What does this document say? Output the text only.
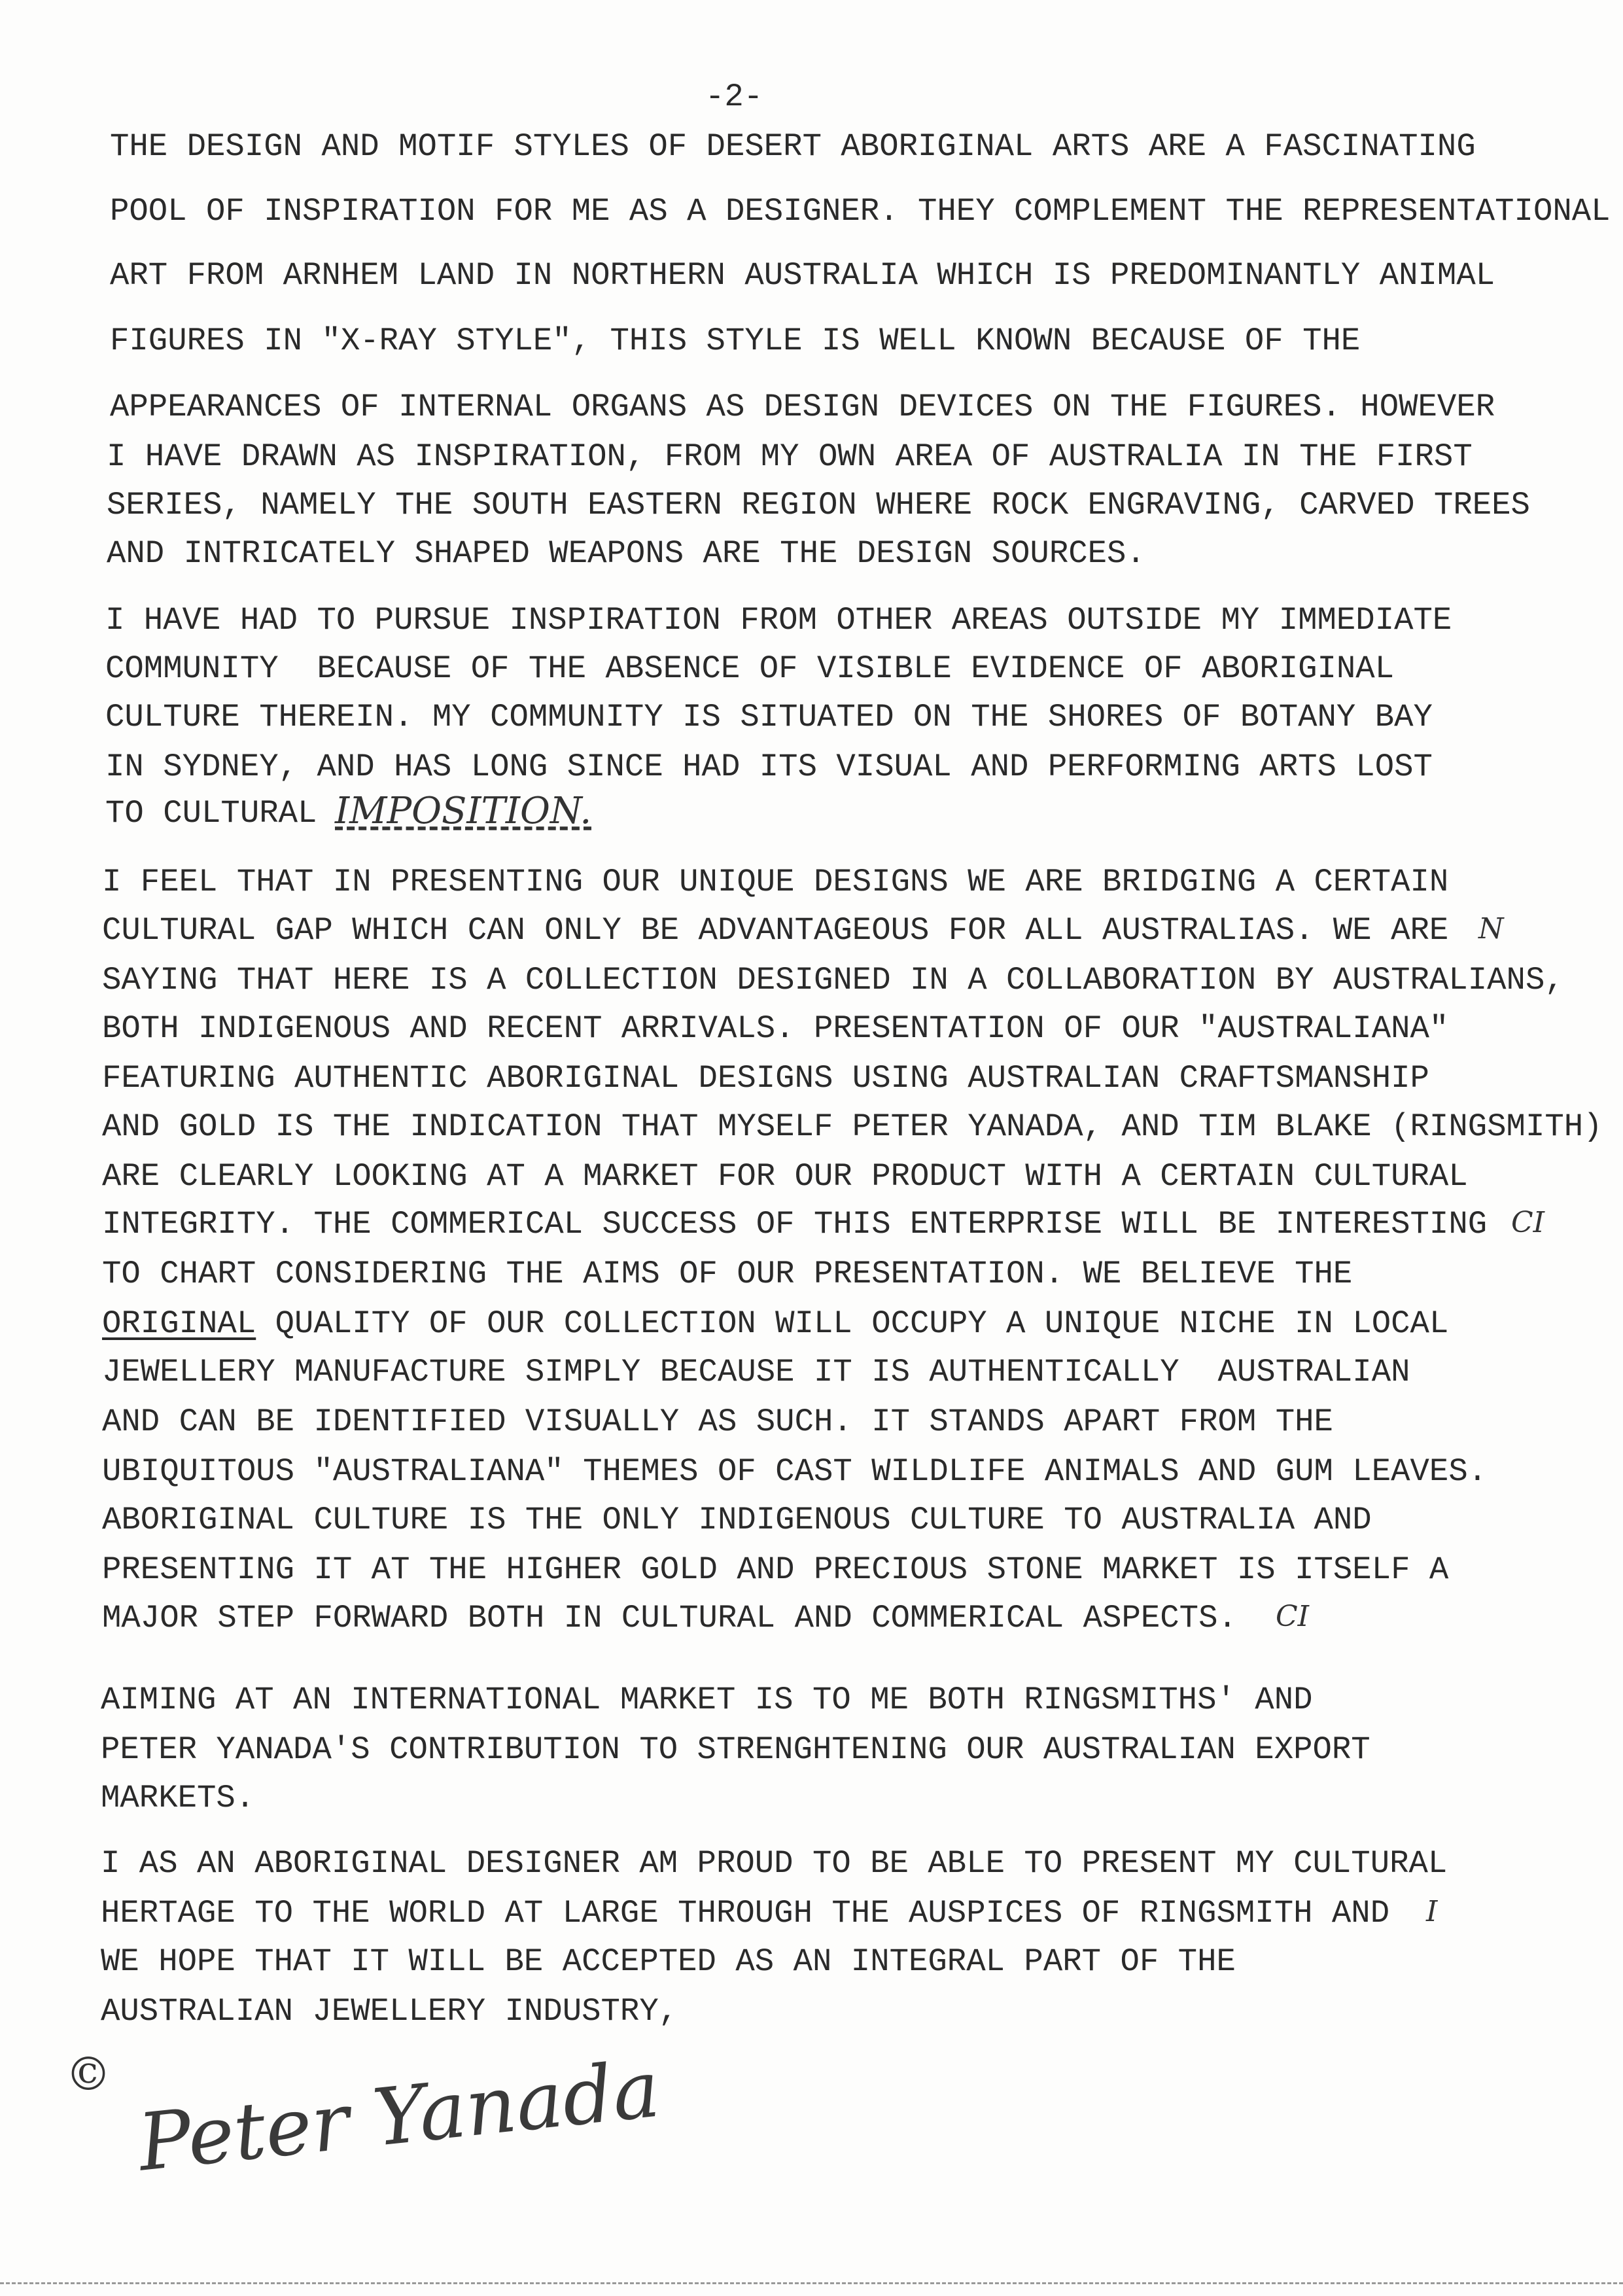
-2-
THE DESIGN AND MOTIF STYLES OF DESERT ABORIGINAL ARTS ARE A FASCINATING
POOL OF INSPIRATION FOR ME AS A DESIGNER. THEY COMPLEMENT THE REPRESENTATIONAL
ART FROM ARNHEM LAND IN NORTHERN AUSTRALIA WHICH IS PREDOMINANTLY ANIMAL
FIGURES IN "X-RAY STYLE", THIS STYLE IS WELL KNOWN BECAUSE OF THE
APPEARANCES OF INTERNAL ORGANS AS DESIGN DEVICES ON THE FIGURES. HOWEVER
I HAVE DRAWN AS INSPIRATION, FROM MY OWN AREA OF AUSTRALIA IN THE FIRST
SERIES, NAMELY THE SOUTH EASTERN REGION WHERE ROCK ENGRAVING, CARVED TREES
AND INTRICATELY SHAPED WEAPONS ARE THE DESIGN SOURCES.
I HAVE HAD TO PURSUE INSPIRATION FROM OTHER AREAS OUTSIDE MY IMMEDIATE
COMMUNITY  BECAUSE OF THE ABSENCE OF VISIBLE EVIDENCE OF ABORIGINAL
CULTURE THEREIN. MY COMMUNITY IS SITUATED ON THE SHORES OF BOTANY BAY
IN SYDNEY, AND HAS LONG SINCE HAD ITS VISUAL AND PERFORMING ARTS LOST
TO CULTURAL
I FEEL THAT IN PRESENTING OUR UNIQUE DESIGNS WE ARE BRIDGING A CERTAIN
CULTURAL GAP WHICH CAN ONLY BE ADVANTAGEOUS FOR ALL AUSTRALIAS. WE ARE
SAYING THAT HERE IS A COLLECTION DESIGNED IN A COLLABORATION BY AUSTRALIANS,
BOTH INDIGENOUS AND RECENT ARRIVALS. PRESENTATION OF OUR "AUSTRALIANA"
FEATURING AUTHENTIC ABORIGINAL DESIGNS USING AUSTRALIAN CRAFTSMANSHIP
AND GOLD IS THE INDICATION THAT MYSELF PETER YANADA, AND TIM BLAKE (RINGSMITH)
ARE CLEARLY LOOKING AT A MARKET FOR OUR PRODUCT WITH A CERTAIN CULTURAL
INTEGRITY. THE COMMERICAL SUCCESS OF THIS ENTERPRISE WILL BE INTERESTING
TO CHART CONSIDERING THE AIMS OF OUR PRESENTATION. WE BELIEVE THE
ORIGINAL QUALITY OF OUR COLLECTION WILL OCCUPY A UNIQUE NICHE IN LOCAL
JEWELLERY MANUFACTURE SIMPLY BECAUSE IT IS AUTHENTICALLY  AUSTRALIAN
AND CAN BE IDENTIFIED VISUALLY AS SUCH. IT STANDS APART FROM THE
UBIQUITOUS "AUSTRALIANA" THEMES OF CAST WILDLIFE ANIMALS AND GUM LEAVES.
ABORIGINAL CULTURE IS THE ONLY INDIGENOUS CULTURE TO AUSTRALIA AND
PRESENTING IT AT THE HIGHER GOLD AND PRECIOUS STONE MARKET IS ITSELF A
MAJOR STEP FORWARD BOTH IN CULTURAL AND COMMERICAL ASPECTS.
AIMING AT AN INTERNATIONAL MARKET IS TO ME BOTH RINGSMITHS' AND
PETER YANADA'S CONTRIBUTION TO STRENGHTENING OUR AUSTRALIAN EXPORT
MARKETS.
I AS AN ABORIGINAL DESIGNER AM PROUD TO BE ABLE TO PRESENT MY CULTURAL
HERTAGE TO THE WORLD AT LARGE THROUGH THE AUSPICES OF RINGSMITH AND
WE HOPE THAT IT WILL BE ACCEPTED AS AN INTEGRAL PART OF THE
AUSTRALIAN JEWELLERY INDUSTRY,
IMPOSITION.
N
CI
CI
I
© Peter Yanada
